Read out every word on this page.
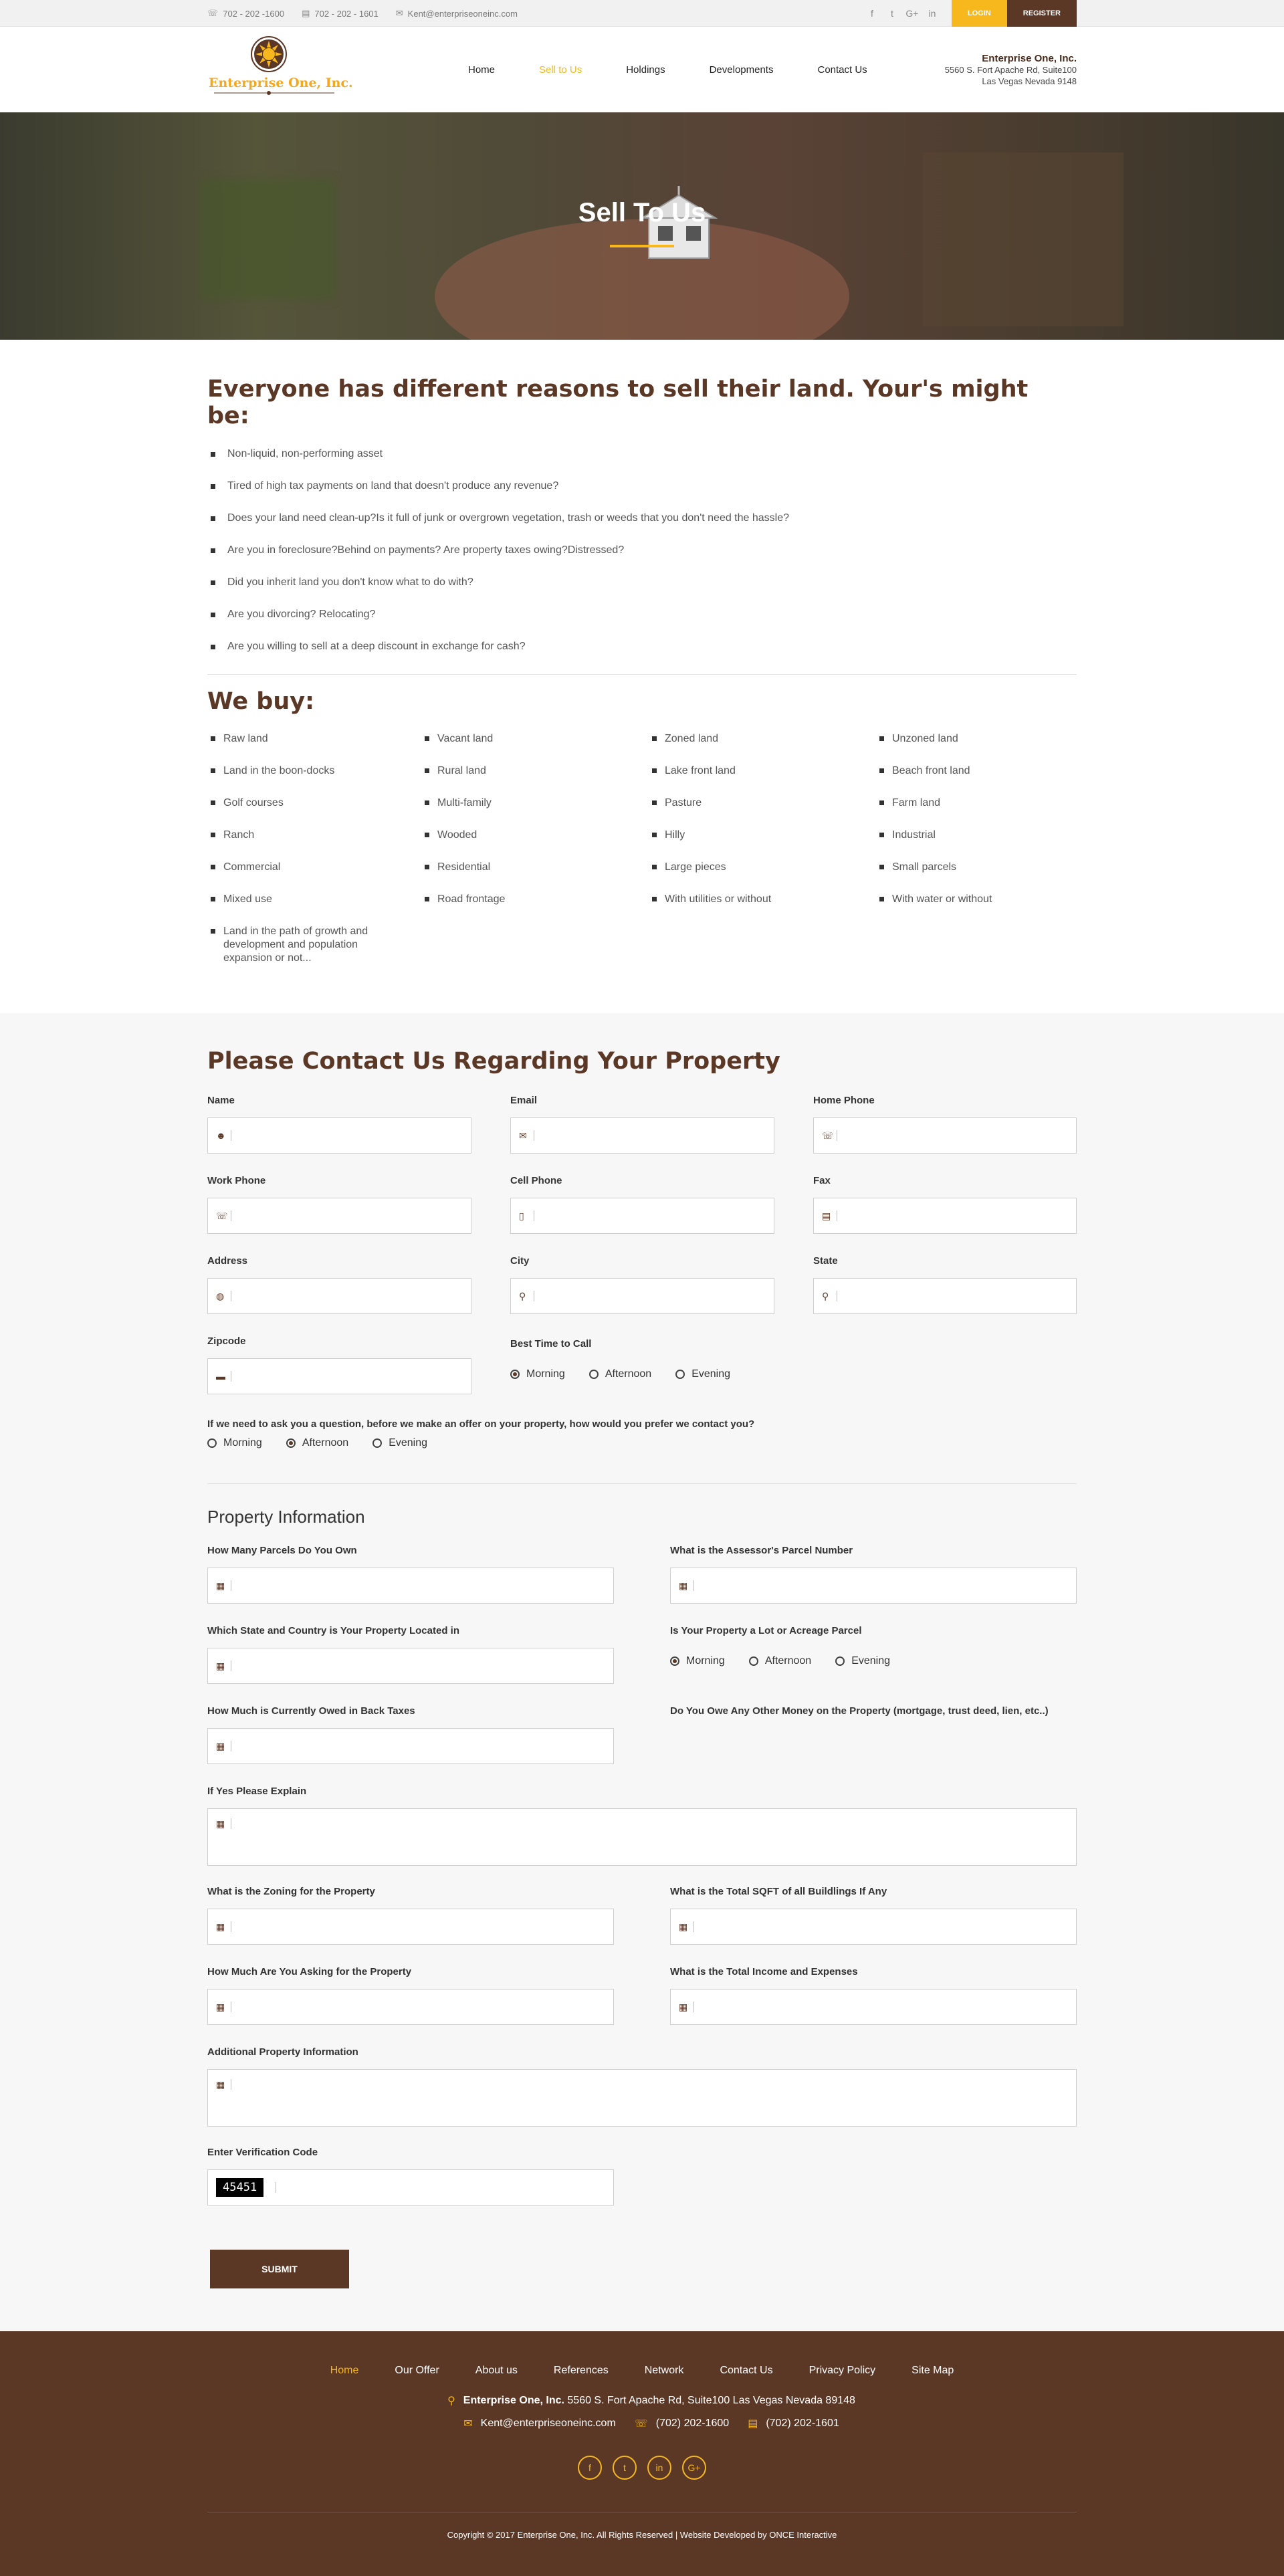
☏ 702 - 202 -1600 ▤ 702 - 202 - 1601 ✉ Kent@enterpriseoneinc.com	f	t	G+	in	LOGIN	REGISTER
Enterprise One, Inc.
Home	Sell to Us	Holdings	Developments	Contact Us
Enterprise One, Inc.
5560 S. Fort Apache Rd, Suite100
Las Vegas Nevada 9148
Sell To Us
Everyone has different reasons to sell their land. Your's might be:
Non-liquid, non-performing asset
Tired of high tax payments on land that doesn't produce any revenue?
Does your land need clean-up?Is it full of junk or overgrown vegetation, trash or weeds that you don't need the hassle?
Are you in foreclosure?Behind on payments? Are property taxes owing?Distressed?
Did you inherit land you don't know what to do with?
Are you divorcing? Relocating?
Are you willing to sell at a deep discount in exchange for cash?
We buy:
Raw land
Land in the boon-docks
Golf courses
Ranch
Commercial
Mixed use
Land in the path of growth and development and population expansion or not...
Vacant land
Rural land
Multi-family
Wooded
Residential
Road frontage
Zoned land
Lake front land
Pasture
Hilly
Large pieces
With utilities or without
Unzoned land
Beach front land
Farm land
Industrial
Small parcels
With water or without
Please Contact Us Regarding Your Property
Name
☻
Email
✉
Home Phone
☏
Work Phone
☏
Cell Phone
▯
Fax
▤
Address
◍
City
⚲
State
⚲
Zipcode
▬
Best Time to Call
Morning	Afternoon	Evening
If we need to ask you a question, before we make an offer on your property, how would you prefer we contact you?
Morning	Afternoon	Evening
Property Information
How Many Parcels Do You Own
▦
What is the Assessor's Parcel Number
▦
Which State and Country is Your Property Located in
▦
Is Your Property a Lot or Acreage Parcel
Morning	Afternoon	Evening
How Much is Currently Owed in Back Taxes
▦
Do You Owe Any Other Money on the Property (mortgage, trust deed, lien, etc..)
If Yes Please Explain
▦
What is the Zoning for the Property
▦
What is the Total SQFT of all Buildlings If Any
▦
How Much Are You Asking for the Property
▦
What is the Total Income and Expenses
▦
Additional Property Information
▦
Enter Verification Code
45451
SUBMIT
Home	Our Offer	About us	References	Network	Contact Us	Privacy Policy	Site Map
⚲ Enterprise One, Inc.
5560 S. Fort Apache Rd, Suite100 Las Vegas Nevada 89148
✉ Kent@enterpriseoneinc.com ☏ (702) 202-1600 ▤ (702) 202-1601
f	t	in	G+
Copyright © 2017 Enterprise One, Inc. All Rights Reserved | Website Developed by ONCE Interactive
